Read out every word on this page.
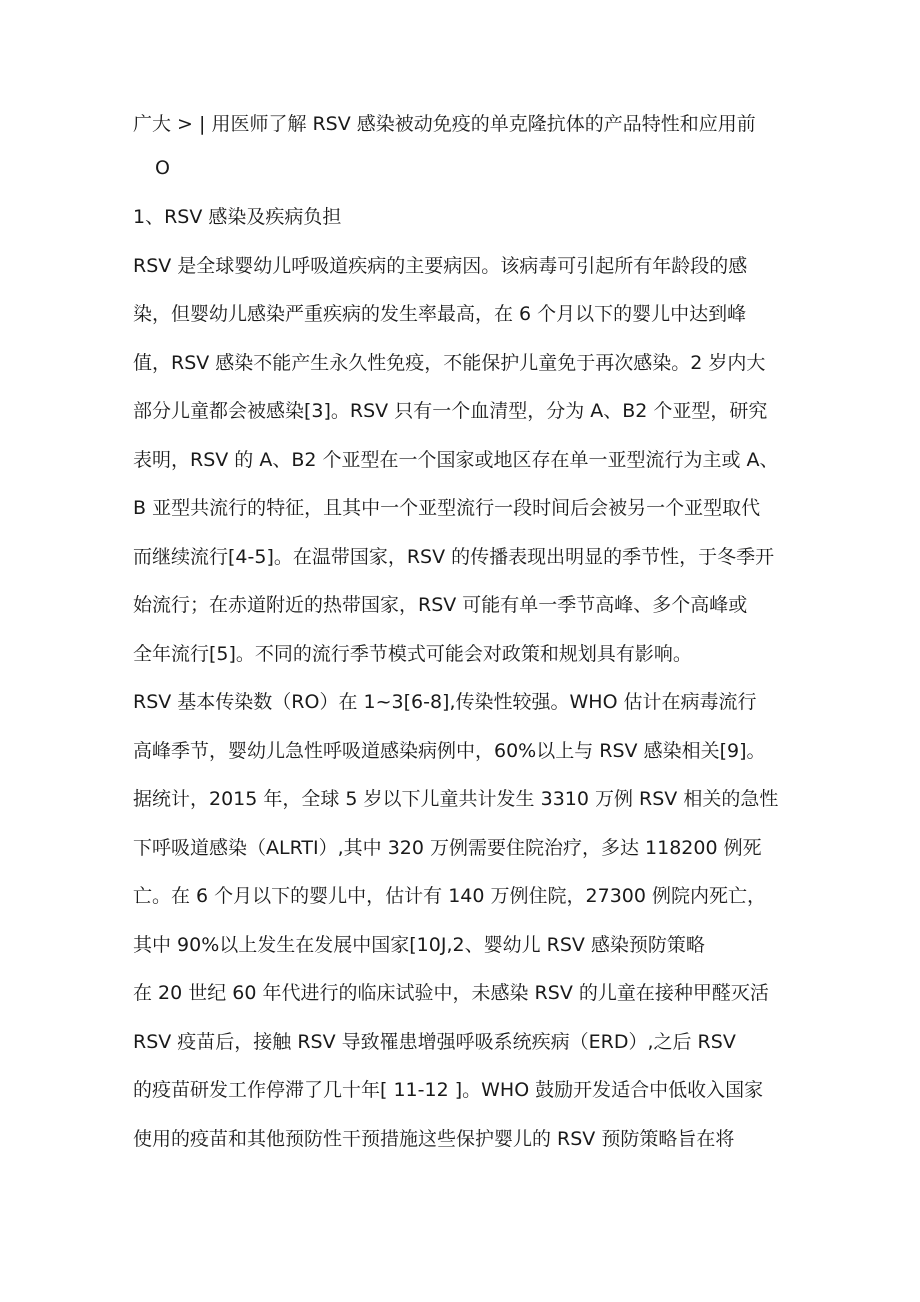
广大 > | 用医师了解 RSV 感染被动免疫的单克隆抗体的产品特性和应用前
O
1、RSV 感染及疾病负担
RSV 是全球婴幼儿呼吸道疾病的主要病因。该病毒可引起所有年龄段的感
染，但婴幼儿感染严重疾病的发生率最高，在 6 个月以下的婴儿中达到峰
值，RSV 感染不能产生永久性免疫，不能保护儿童免于再次感染。2 岁内大
部分儿童都会被感染[3]。RSV 只有一个血清型，分为 A、B2 个亚型，研究
表明，RSV 的 A、B2 个亚型在一个国家或地区存在单一亚型流行为主或 A、
B 亚型共流行的特征，且其中一个亚型流行一段时间后会被另一个亚型取代
而继续流行[4-5]。在温带国家，RSV 的传播表现出明显的季节性，于冬季开
始流行；在赤道附近的热带国家，RSV 可能有单一季节高峰、多个高峰或
全年流行[5]。不同的流行季节模式可能会对政策和规划具有影响。
RSV 基本传染数（RO）在 1~3[6-8],传染性较强。WHO 估计在病毒流行
高峰季节，婴幼儿急性呼吸道感染病例中，60%以上与 RSV 感染相关[9]。
据统计，2015 年，全球 5 岁以下儿童共计发生 3310 万例 RSV 相关的急性
下呼吸道感染（ALRTI）,其中 320 万例需要住院治疗，多达 118200 例死
亡。在 6 个月以下的婴儿中，估计有 140 万例住院，27300 例院内死亡，
其中 90%以上发生在发展中国家[10J,2、婴幼儿 RSV 感染预防策略
在 20 世纪 60 年代进行的临床试验中，未感染 RSV 的儿童在接种甲醛灭活
RSV 疫苗后，接触 RSV 导致罹患增强呼吸系统疾病（ERD）,之后 RSV
的疫苗研发工作停滞了几十年[ 11-12 ]。WHO 鼓励开发适合中低收入国家
使用的疫苗和其他预防性干预措施这些保护婴儿的 RSV 预防策略旨在将
